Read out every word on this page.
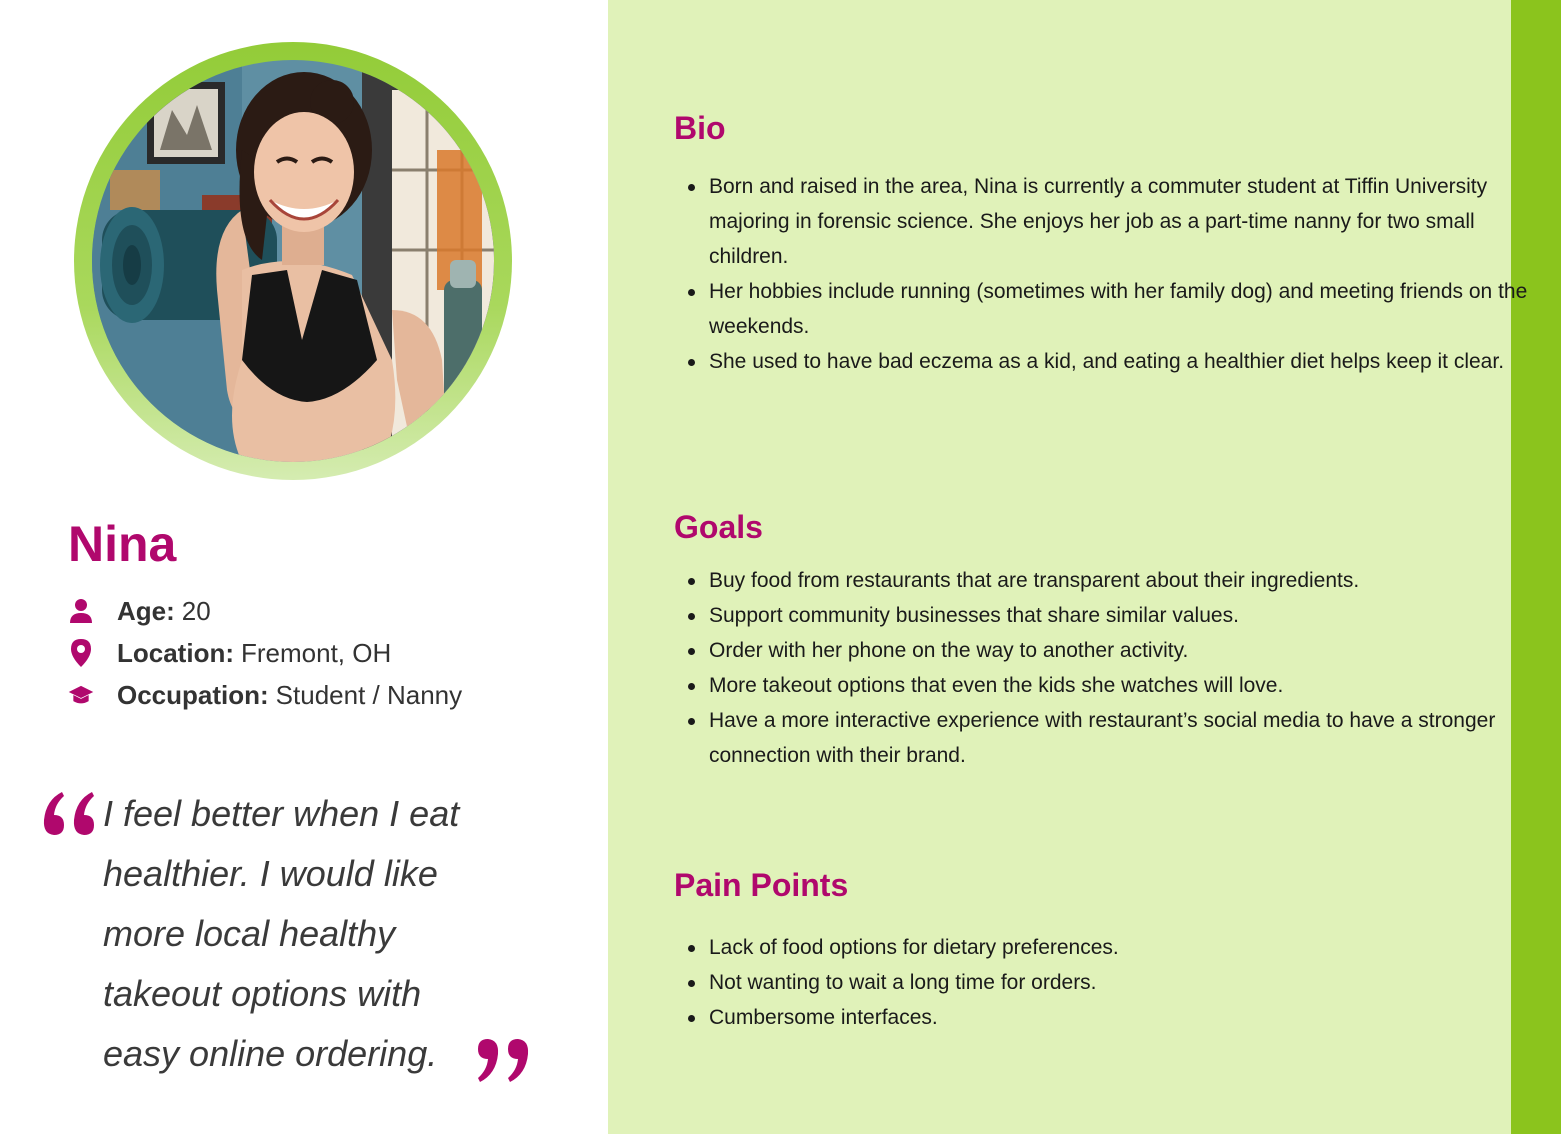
Nina
Age: 20
Location: Fremont, OH
Occupation: Student / Nanny

I feel better when I eat
healthier. I would like
more local healthy
takeout options with
easy online ordering.

Bio
Born and raised in the area, Nina is currently a commuter student at Tiffin University majoring in forensic science. She enjoys her job as a part-time nanny for two small children.
Her hobbies include running (sometimes with her family dog) and meeting friends on the weekends.
She used to have bad eczema as a kid, and eating a healthier diet helps keep it clear.
Goals
Buy food from restaurants that are transparent about their ingredients.
Support community businesses that share similar values.
Order with her phone on the way to another activity.
More takeout options that even the kids she watches will love.
Have a more interactive experience with restaurant’s social media to have a stronger connection with their brand.
Pain Points
Lack of food options for dietary preferences.
Not wanting to wait a long time for orders.
Cumbersome interfaces.
